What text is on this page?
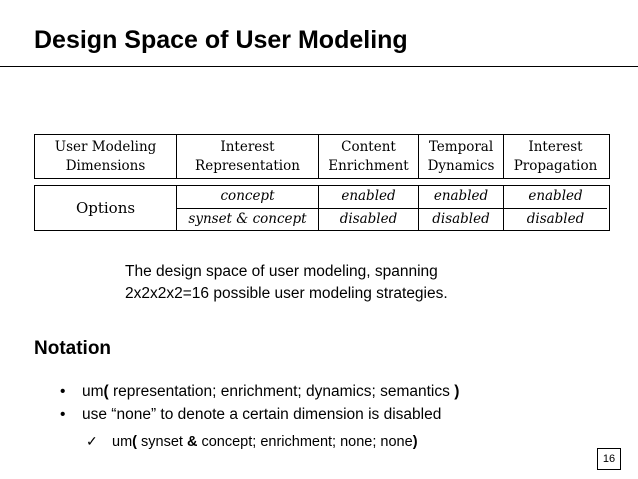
Design Space of User Modeling
User Modeling
Dimensions
Interest
Representation
Content
Enrichment
Temporal
Dynamics
Interest
Propagation
Options
concept
synset & concept
enabled
disabled
enabled
disabled
enabled
disabled

The design space of user modeling, spanning
2x2x2x2=16 possible user modeling strategies.

Notation
•	um( representation; enrichment; dynamics; semantics )
•	use “none” to denote a certain dimension is disabled
✓ um ( synset & concept; enrichment; none; none )
16
